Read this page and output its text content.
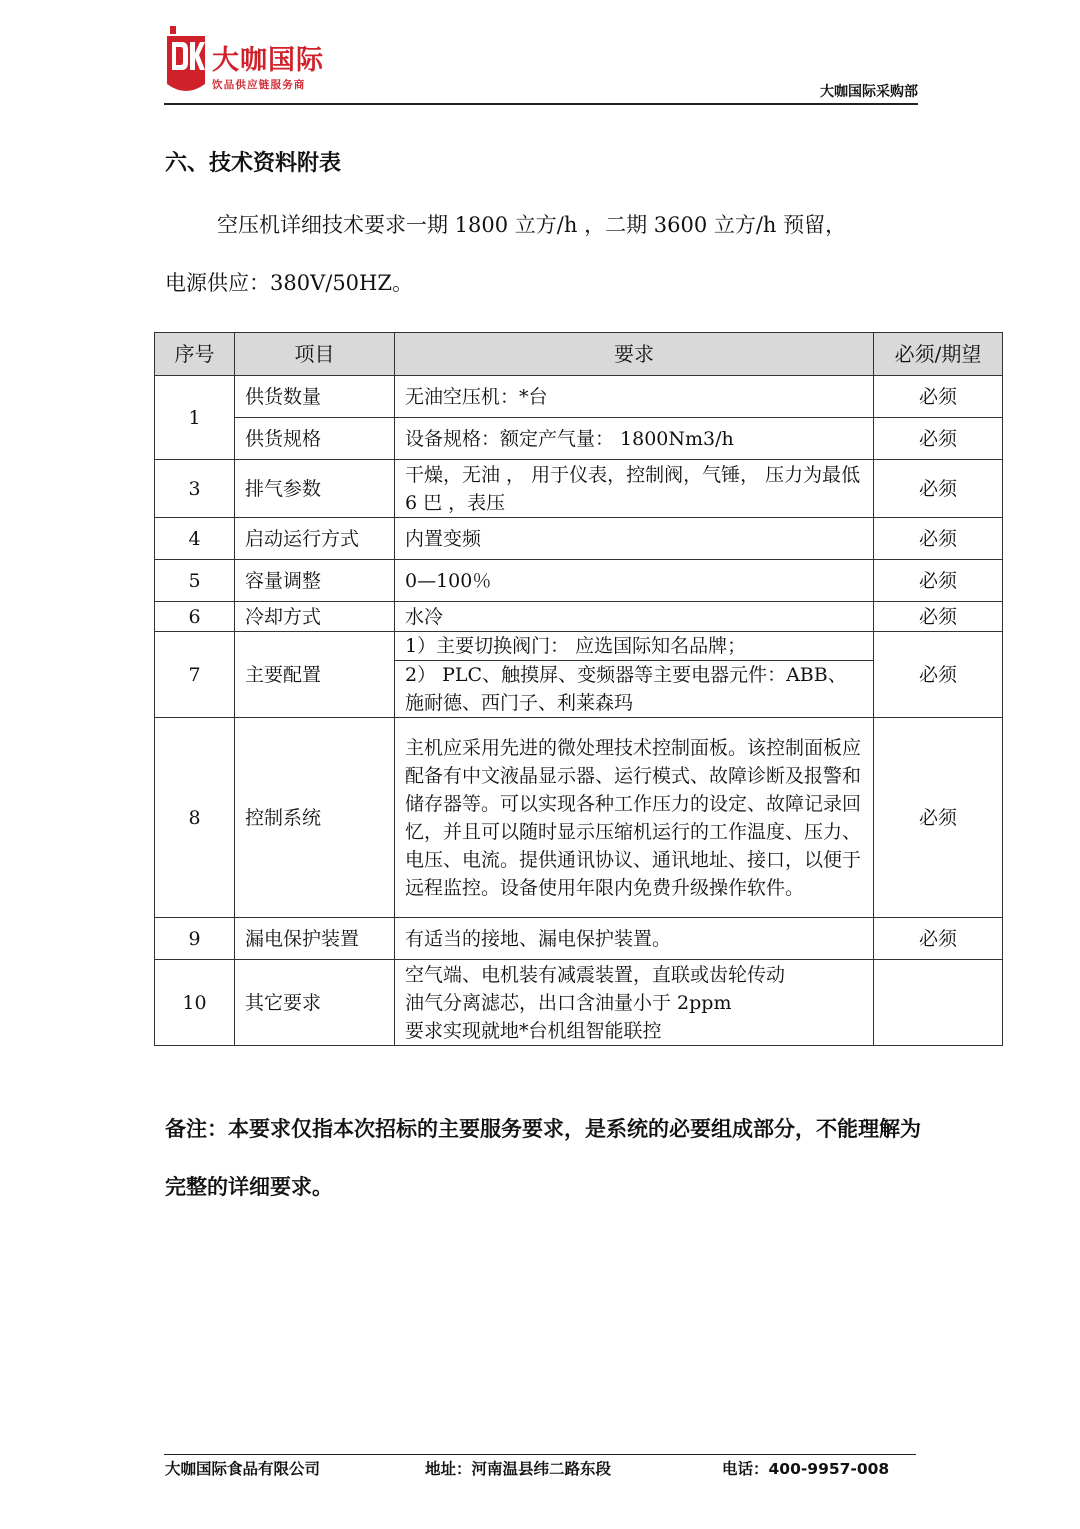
大咖国际
饮品供应链服务商	大咖国际采购部
六、技术资料附表
空压机详细技术要求一期 1800 立方/h ，二期 3600 立方/h 预留，
电源供应：380V/50HZ。
序号	项目	要求	必须/期望
1	供货数量	无油空压机：*台	必须
	供货规格	设备规格：额定产气量： 1800Nm3/h	必须
3	排气参数	干燥，无油 ， 用于仪表，控制阀，气锤， 压力为最低 6 巴 ，表压	必须
4	启动运行方式	内置变频	必须
5	容量调整	0—100％	必须
6	冷却方式	水冷	必须
7	主要配置	1）主要切换阀门： 应选国际知名品牌；
2） PLC、触摸屏、变频器等主要电器元件：ABB、施耐德、西门子、利莱森玛	必须
8	控制系统	主机应采用先进的微处理技术控制面板。该控制面板应配备有中文液晶显示器、运行模式、故障诊断及报警和储存器等。可以实现各种工作压力的设定、故障记录回忆，并且可以随时显示压缩机运行的工作温度、压力、电压、电流。提供通讯协议、通讯地址、接口，以便于远程监控。设备使用年限内免费升级操作软件。	必须
9	漏电保护装置	有适当的接地、漏电保护装置。	必须
10	其它要求	空气端、电机装有减震装置，直联或齿轮传动
油气分离滤芯，出口含油量小于 2ppm
要求实现就地*台机组智能联控	

备注：本要求仅指本次招标的主要服务要求，是系统的必要组成部分，不能理解为完整的详细要求。
大咖国际食品有限公司	地址：河南温县纬二路东段	电话：400-9957-008
